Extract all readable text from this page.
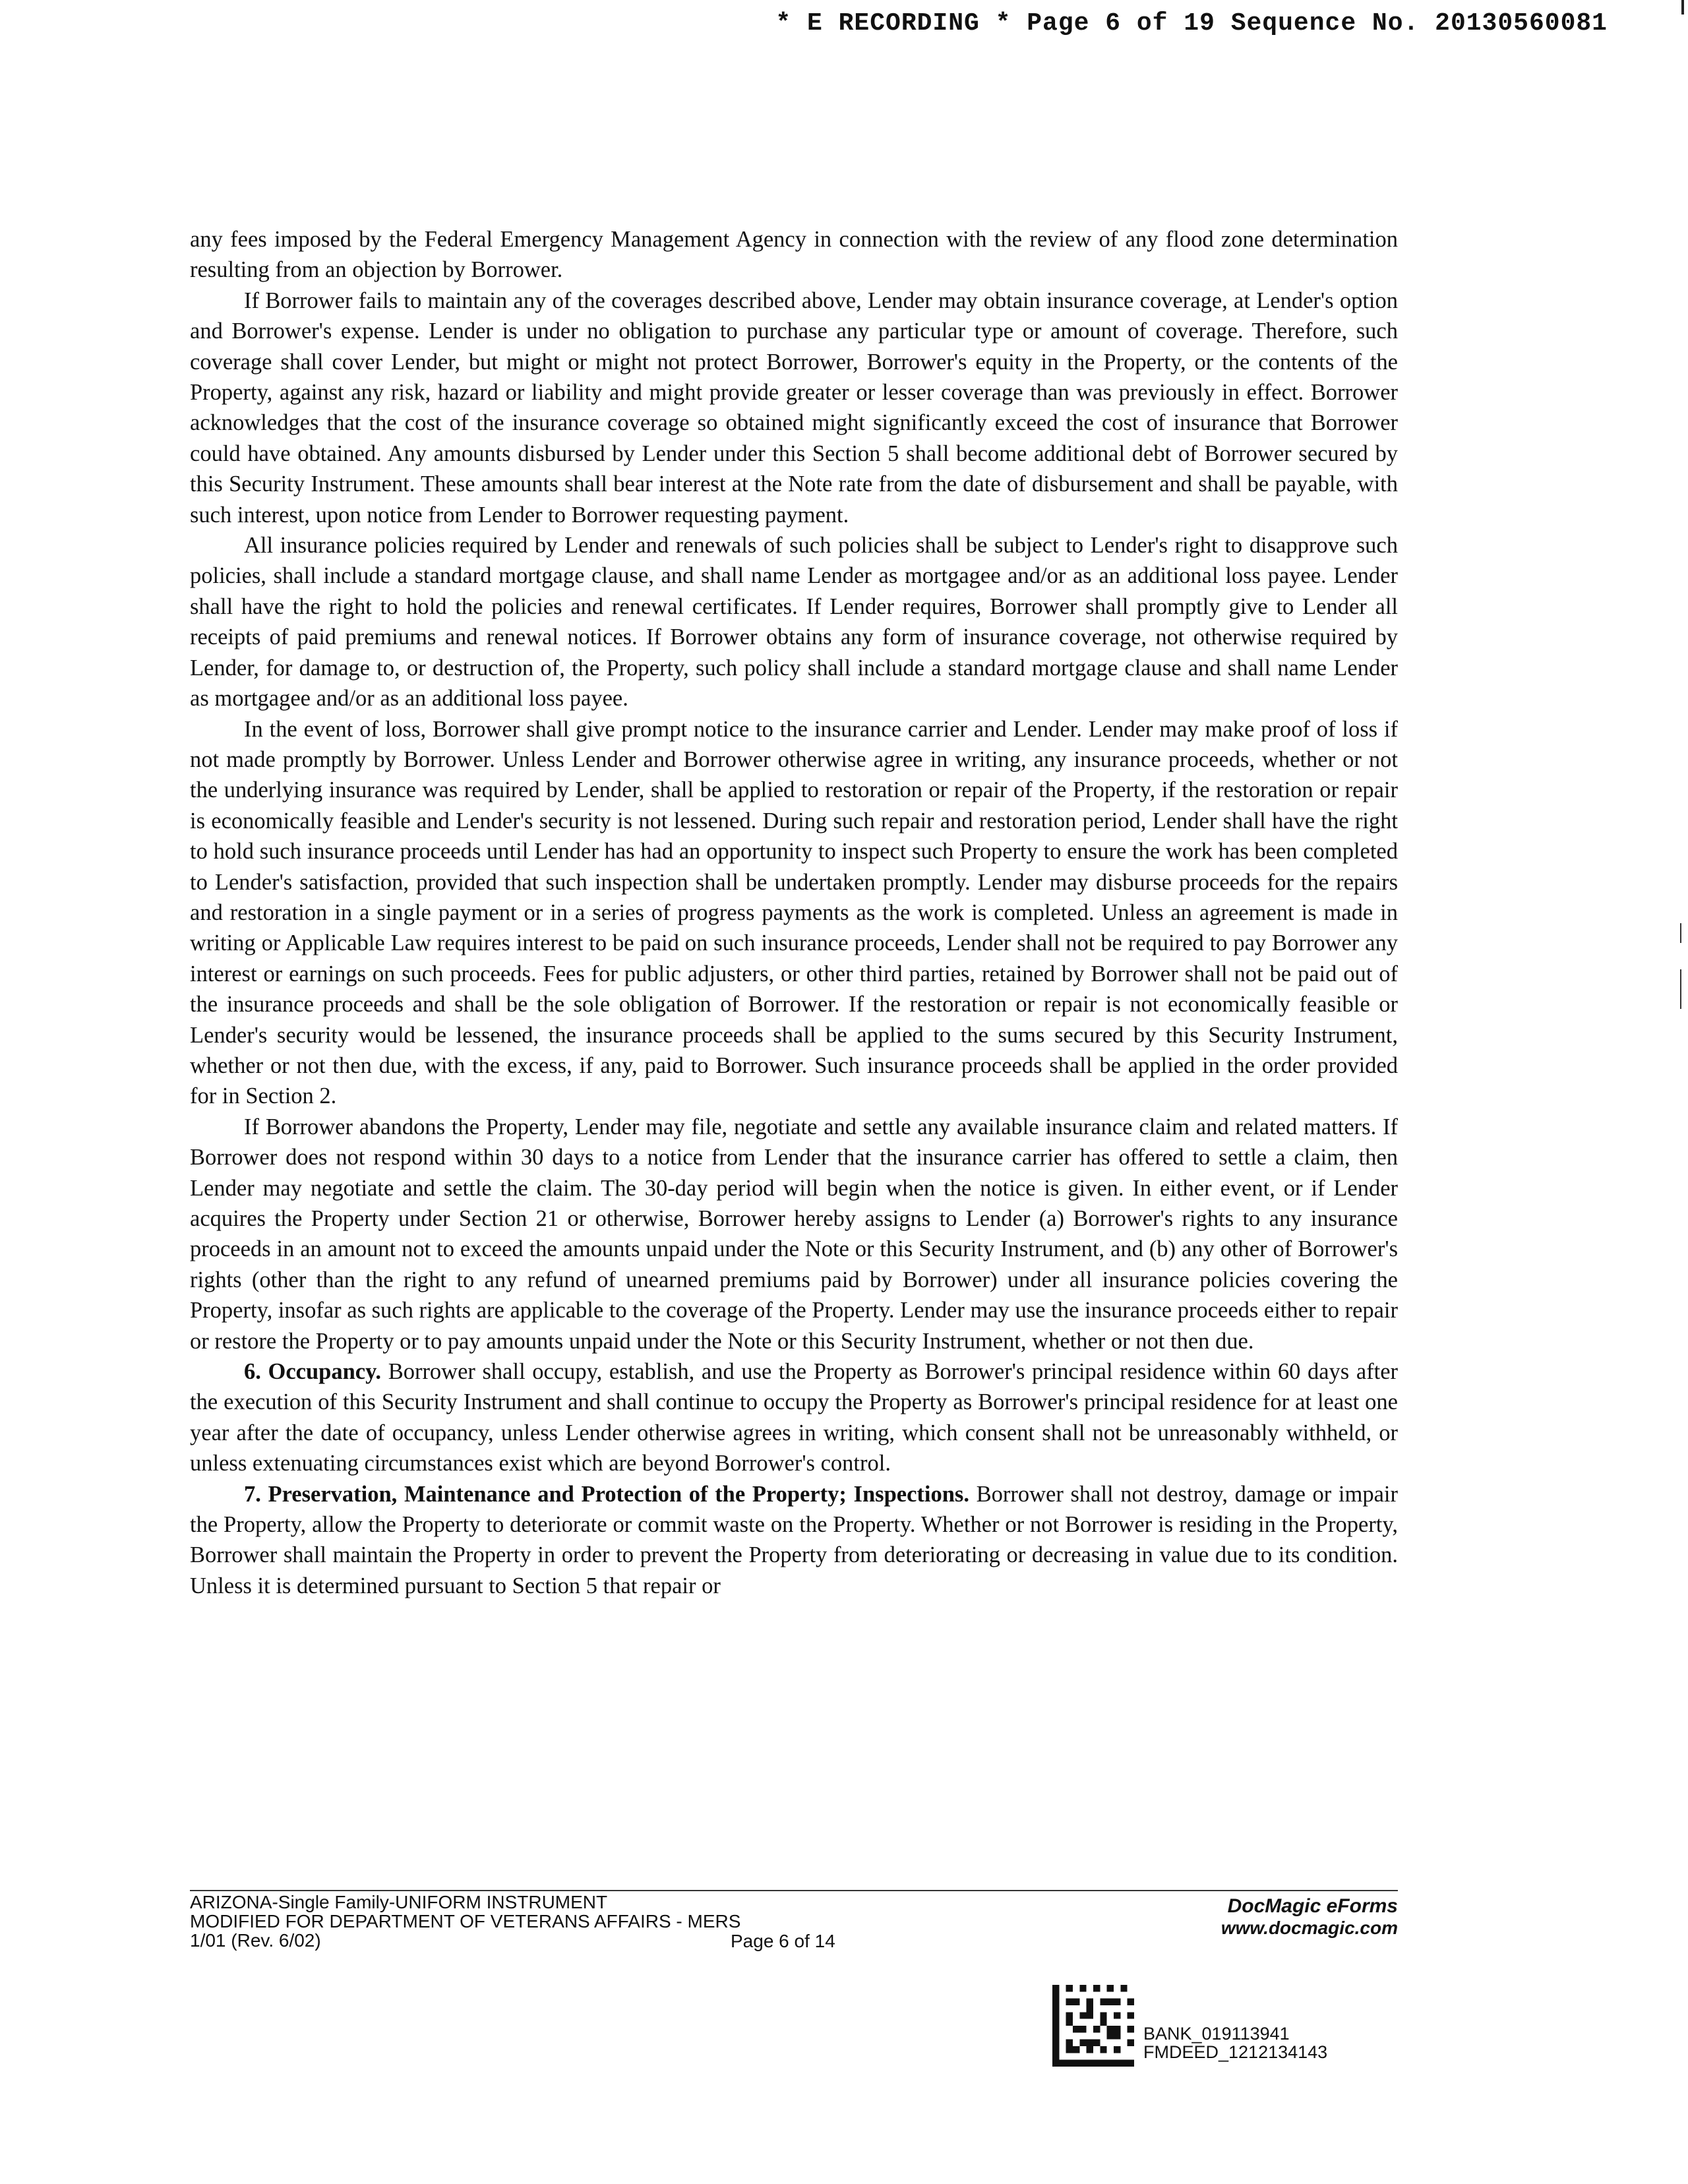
* E RECORDING * Page 6 of 19 Sequence No. 20130560081

any fees imposed by the Federal Emergency Management Agency in connection with the review of any flood zone determination resulting from an objection by Borrower.

If Borrower fails to maintain any of the coverages described above, Lender may obtain insurance coverage, at Lender's option and Borrower's expense. Lender is under no obligation to purchase any particular type or amount of coverage. Therefore, such coverage shall cover Lender, but might or might not protect Borrower, Borrower's equity in the Property, or the contents of the Property, against any risk, hazard or liability and might provide greater or lesser coverage than was previously in effect. Borrower acknowledges that the cost of the insurance coverage so obtained might significantly exceed the cost of insurance that Borrower could have obtained. Any amounts disbursed by Lender under this Section 5 shall become additional debt of Borrower secured by this Security Instrument. These amounts shall bear interest at the Note rate from the date of disbursement and shall be payable, with such interest, upon notice from Lender to Borrower requesting payment.

All insurance policies required by Lender and renewals of such policies shall be subject to Lender's right to disapprove such policies, shall include a standard mortgage clause, and shall name Lender as mortgagee and/or as an additional loss payee. Lender shall have the right to hold the policies and renewal certificates. If Lender requires, Borrower shall promptly give to Lender all receipts of paid premiums and renewal notices. If Borrower obtains any form of insurance coverage, not otherwise required by Lender, for damage to, or destruction of, the Property, such policy shall include a standard mortgage clause and shall name Lender as mortgagee and/or as an additional loss payee.

In the event of loss, Borrower shall give prompt notice to the insurance carrier and Lender. Lender may make proof of loss if not made promptly by Borrower. Unless Lender and Borrower otherwise agree in writing, any insurance proceeds, whether or not the underlying insurance was required by Lender, shall be applied to restoration or repair of the Property, if the restoration or repair is economically feasible and Lender's security is not lessened. During such repair and restoration period, Lender shall have the right to hold such insurance proceeds until Lender has had an opportunity to inspect such Property to ensure the work has been completed to Lender's satisfaction, provided that such inspection shall be undertaken promptly. Lender may disburse proceeds for the repairs and restoration in a single payment or in a series of progress payments as the work is completed. Unless an agreement is made in writing or Applicable Law requires interest to be paid on such insurance proceeds, Lender shall not be required to pay Borrower any interest or earnings on such proceeds. Fees for public adjusters, or other third parties, retained by Borrower shall not be paid out of the insurance proceeds and shall be the sole obligation of Borrower. If the restoration or repair is not economically feasible or Lender's security would be lessened, the insurance proceeds shall be applied to the sums secured by this Security Instrument, whether or not then due, with the excess, if any, paid to Borrower. Such insurance proceeds shall be applied in the order provided for in Section 2.

If Borrower abandons the Property, Lender may file, negotiate and settle any available insurance claim and related matters. If Borrower does not respond within 30 days to a notice from Lender that the insurance carrier has offered to settle a claim, then Lender may negotiate and settle the claim. The 30-day period will begin when the notice is given. In either event, or if Lender acquires the Property under Section 21 or otherwise, Borrower hereby assigns to Lender (a) Borrower's rights to any insurance proceeds in an amount not to exceed the amounts unpaid under the Note or this Security Instrument, and (b) any other of Borrower's rights (other than the right to any refund of unearned premiums paid by Borrower) under all insurance policies covering the Property, insofar as such rights are applicable to the coverage of the Property. Lender may use the insurance proceeds either to repair or restore the Property or to pay amounts unpaid under the Note or this Security Instrument, whether or not then due.

6. Occupancy. Borrower shall occupy, establish, and use the Property as Borrower's principal residence within 60 days after the execution of this Security Instrument and shall continue to occupy the Property as Borrower's principal residence for at least one year after the date of occupancy, unless Lender otherwise agrees in writing, which consent shall not be unreasonably withheld, or unless extenuating circumstances exist which are beyond Borrower's control.

7. Preservation, Maintenance and Protection of the Property; Inspections. Borrower shall not destroy, damage or impair the Property, allow the Property to deteriorate or commit waste on the Property. Whether or not Borrower is residing in the Property, Borrower shall maintain the Property in order to prevent the Property from deteriorating or decreasing in value due to its condition. Unless it is determined pursuant to Section 5 that repair or

ARIZONA-Single Family-UNIFORM INSTRUMENT
MODIFIED FOR DEPARTMENT OF VETERANS AFFAIRS - MERS
1/01 (Rev. 6/02)	Page 6 of 14
DocMagic eForms
www.docmagic.com
BANK_019113941
FMDEED_1212134143
